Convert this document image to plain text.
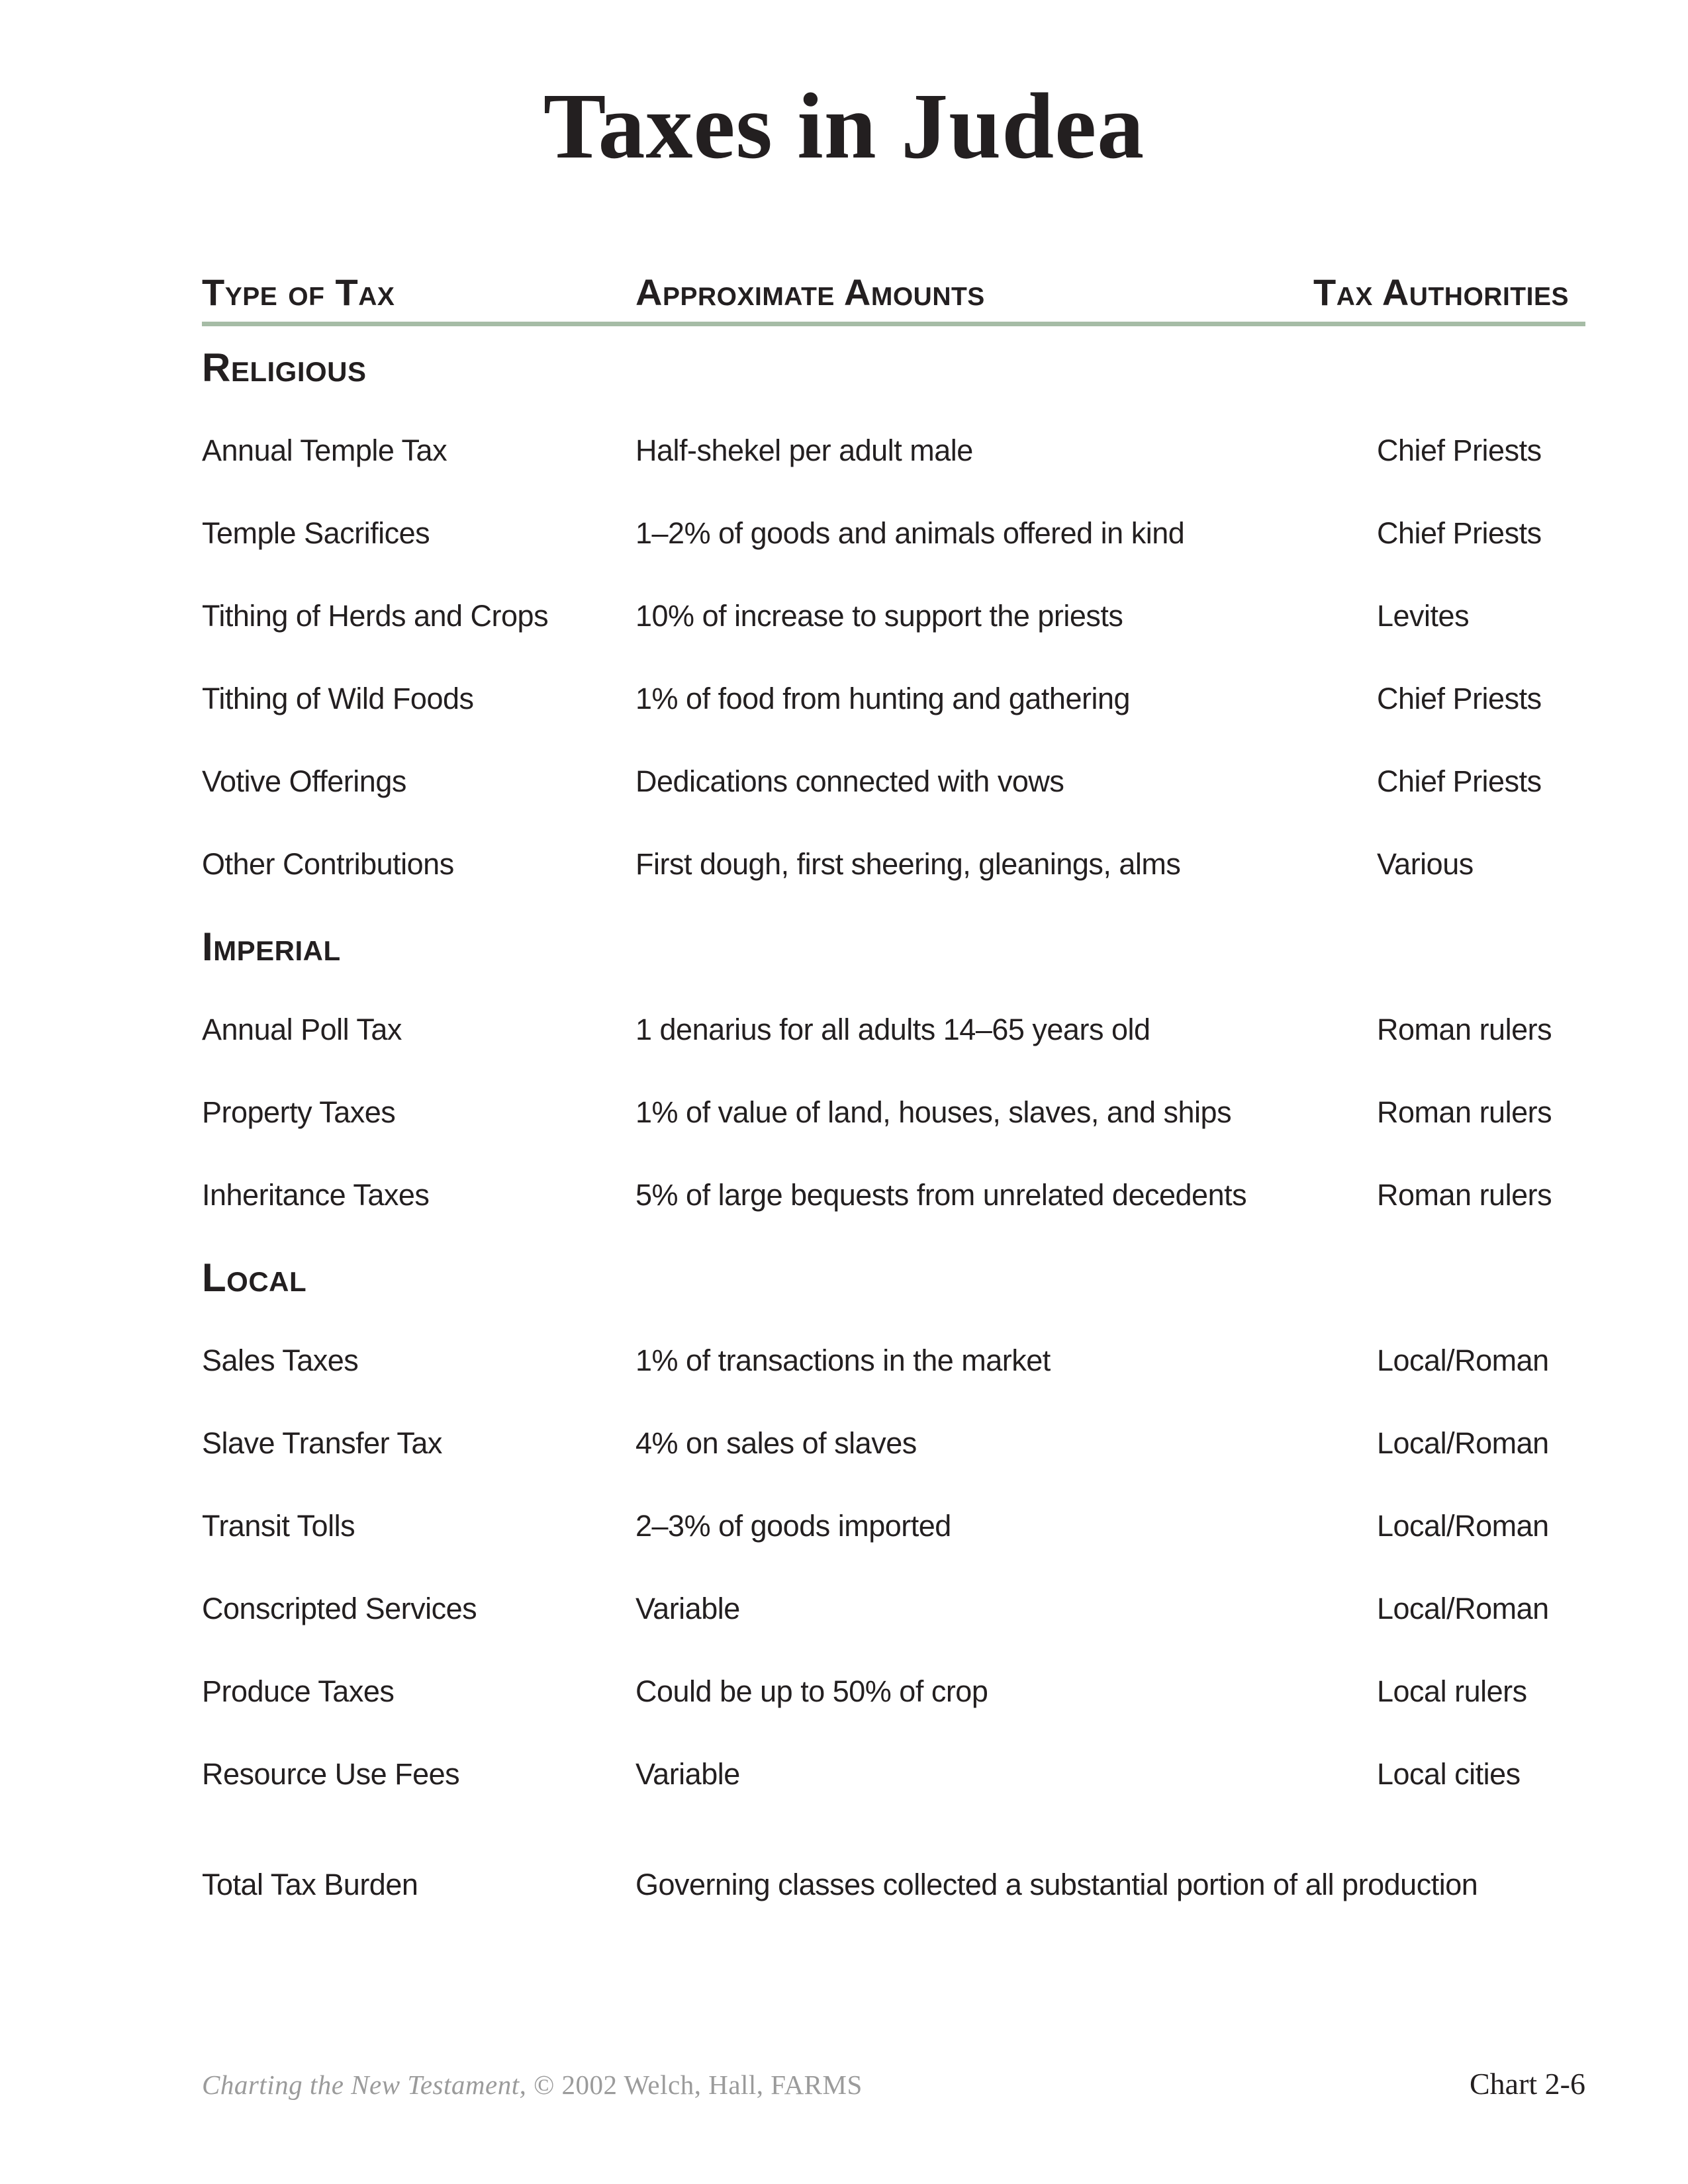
Taxes in Judea
Type of Tax	Approximate Amounts	Tax Authorities
Religious
Annual Temple Tax	Half-shekel per adult male	Chief Priests
Temple Sacrifices	1–2% of goods and animals offered in kind	Chief Priests
Tithing of Herds and Crops	10% of increase to support the priests	Levites
Tithing of Wild Foods	1% of food from hunting and gathering	Chief Priests
Votive Offerings	Dedications connected with vows	Chief Priests
Other Contributions	First dough, first sheering, gleanings, alms	Various
Imperial
Annual Poll Tax	1 denarius for all adults 14–65 years old	Roman rulers
Property Taxes	1% of value of land, houses, slaves, and ships	Roman rulers
Inheritance Taxes	5% of large bequests from unrelated decedents	Roman rulers
Local
Sales Taxes	1% of transactions in the market	Local/Roman
Slave Transfer Tax	4% on sales of slaves	Local/Roman
Transit Tolls	2–3% of goods imported	Local/Roman
Conscripted Services	Variable	Local/Roman
Produce Taxes	Could be up to 50% of crop	Local rulers
Resource Use Fees	Variable	Local cities
Total Tax Burden	Governing classes collected a substantial portion of all production
Charting the New Testament, © 2002 Welch, Hall, FARMS	Chart 2-6
